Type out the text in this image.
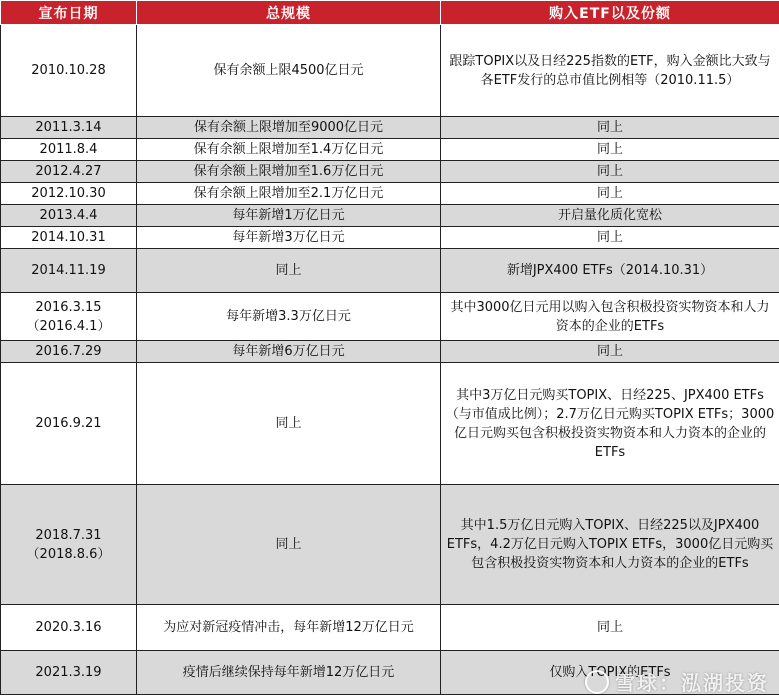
宣布日期	总规模	购入ETF以及份额
2010.10.28	保有余额上限4500亿日元	跟踪TOPIX以及日经225指数的ETF，购入金额比大致与各ETF发行的总市值比例相等（2010.11.5）
2011.3.14	保有余额上限增加至9000亿日元	同上
2011.8.4	保有余额上限增加至1.4万亿日元	同上
2012.4.27	保有余额上限增加至1.6万亿日元	同上
2012.10.30	保有余额上限增加至2.1万亿日元	同上
2013.4.4	每年新增1万亿日元	开启量化质化宽松
2014.10.31	每年新增3万亿日元	同上
2014.11.19	同上	新增JPX400 ETFs（2014.10.31）
2016.3.15（2016.4.1）	每年新增3.3万亿日元	其中3000亿日元用以购入包含积极投资实物资本和人力资本的企业的ETFs
2016.7.29	每年新增6万亿日元	同上
2016.9.21	同上	其中3万亿日元购买TOPIX、日经225、JPX400 ETFs（与市值成比例）；2.7万亿日元购买TOPIX ETFs；3000亿日元购买包含积极投资实物资本和人力资本的企业的ETFs
2018.7.31（2018.8.6）	同上	其中1.5万亿日元购入TOPIX、日经225以及JPX400 ETFs，4.2万亿日元购入TOPIX ETFs，3000亿日元购买包含积极投资实物资本和人力资本的企业的ETFs
2020.3.16	为应对新冠疫情冲击，每年新增12万亿日元	同上
2021.3.19	疫情后继续保持每年新增12万亿日元	仅购入TOPIX的ETFs
雪球：泓湖投资
